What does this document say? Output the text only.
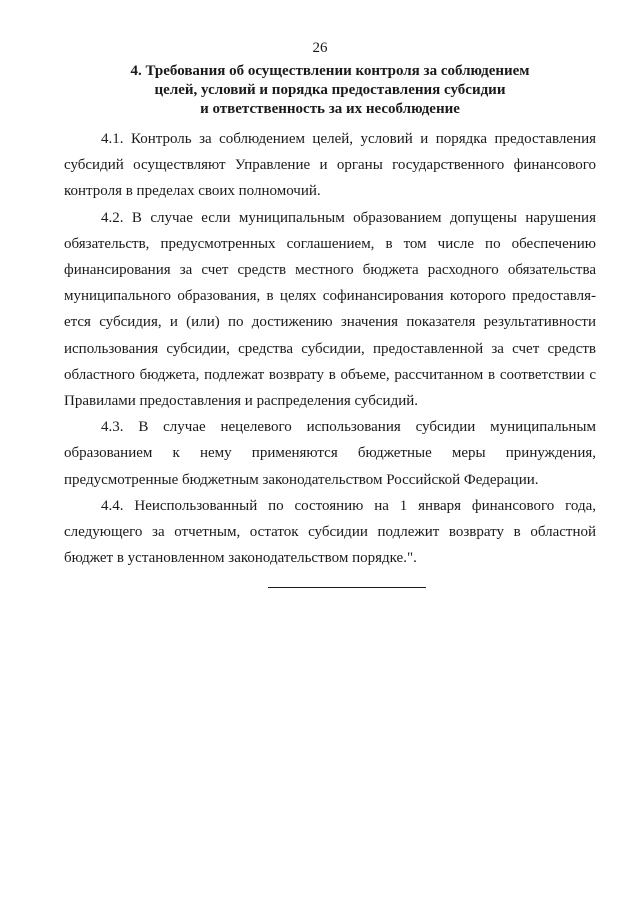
26
4. Требования об осуществлении контроля за соблюдением
целей, условий и порядка предоставления субсидии
и ответственность за их несоблюдение

4.1. Контроль за соблюдением целей, условий и порядка предоставления субсидий осуществляют Управление и органы государственного финансового контроля в пределах своих полномочий.

4.2. В случае если муниципальным образованием допущены нарушения обязательств, предусмотренных соглашением, в том числе по обеспечению финансирования за счет средств местного бюджета расходного обязательства муниципального образования, в целях софинансирования которого предоставляется субсидия, и (или) по достижению значения показателя результативности использования субсидии, средства субсидии, предоставленной за счет средств областного бюджета, подлежат возврату в объеме, рассчитанном в соответствии с Правилами предоставления и распределения субсидий.

4.3. В случае нецелевого использования субсидии муниципальным образованием к нему применяются бюджетные меры принуждения, предусмотренные бюджетным законодательством Российской Федерации.

4.4. Неиспользованный по состоянию на 1 января финансового года, следующего за отчетным, остаток субсидии подлежит возврату в областной бюджет в установленном законодательством порядке.".
